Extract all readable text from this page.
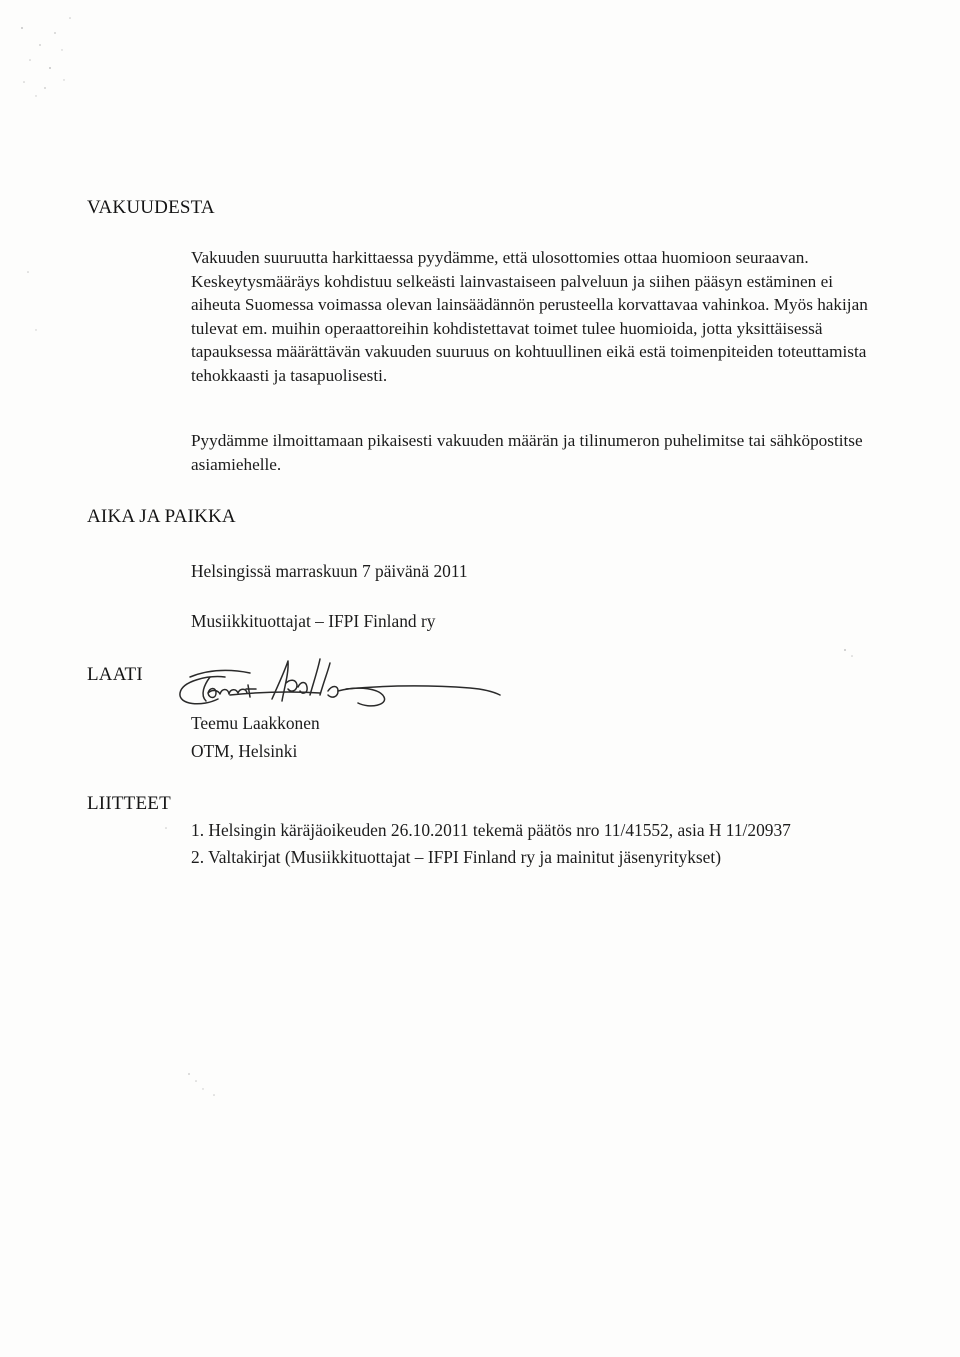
VAKUUDESTA
Vakuuden suuruutta harkittaessa pyydämme, että ulosottomies ottaa huomioon seuraavan. Keskeytysmääräys kohdistuu selkeästi lainvastaiseen palveluun ja siihen pääsyn estäminen ei aiheuta Suomessa voimassa olevan lainsäädännön perusteella korvattavaa vahinkoa. Myös hakijan tulevat em. muihin operaattoreihin kohdistettavat toimet tulee huomioida, jotta yksittäisessä tapauksessa määrättävän vakuuden suuruus on kohtuullinen eikä estä toimenpiteiden toteuttamista tehokkaasti ja tasapuolisesti.
Pyydämme ilmoittamaan pikaisesti vakuuden määrän ja tilinumeron puhelimitse tai sähköpostitse asiamiehelle.
AIKA JA PAIKKA
Helsingissä marraskuun 7 päivänä 2011
Musiikkituottajat – IFPI Finland ry
LAATI
Teemu Laakkonen
OTM, Helsinki
LIITTEET
1. Helsingin käräjäoikeuden 26.10.2011 tekemä päätös nro 11/41552, asia H 11/20937
2. Valtakirjat (Musiikkituottajat – IFPI Finland ry ja mainitut jäsenyritykset)
